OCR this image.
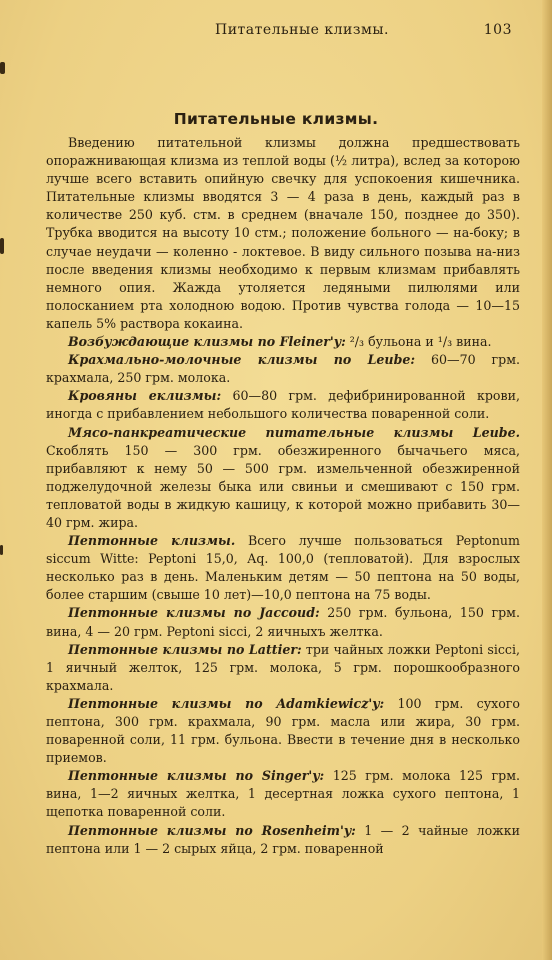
Питательные клизмы.	103
Питательные клизмы.

Введению питательной клизмы должна предшествовать опоражнивающая клизма из теплой воды (½ литра), вслед за которою лучше всего вставить опийную свечку для успокоения кишечника. Питательные клизмы вводятся 3 — 4 раза в день, каждый раз в количестве 250 куб. стм. в среднем (вначале 150, позднее до 350). Трубка вводится на высоту 10 стм.; положение больного — на-боку; в случае неудачи — коленно - локтевое. В виду сильного позыва на-низ после введения клизмы необходимо к первым клизмам прибавлять немного опия. Жажда утоляется ледяными пилюлями или полосканием рта холодною водою. Против чувства голода — 10—15 капель 5% раствора кокаина.

Возбуждающие клизмы по Fleiner'y: ²/₃ бульона и ¹/₃ вина.

Крахмально-молочные клизмы по Leube: 60—70 грм. крахмала, 250 грм. молока.

Кровяны еклизмы: 60—80 грм. дефибринированной крови, иногда с прибавлением небольшого количества поваренной соли.

Мясо-панкреатические питательные клизмы Leube. Скоблять 150 — 300 грм. обезжиренного бычачьего мяса, прибавляют к нему 50 — 500 грм. измельченной обезжиренной поджелудочной железы быка или свиньи и смешивают с 150 грм. тепловатой воды в жидкую кашицу, к которой можно прибавить 30—40 грм. жира.

Пептонные клизмы. Всего лучше пользоваться Peptonum siccum Witte: Peptoni 15,0, Aq. 100,0 (тепловатой). Для взрослых несколько раз в день. Маленьким детям — 50 пептона на 50 воды, более старшим (свыше 10 лет)—10,0 пептона на 75 воды.

Пептонные клизмы по Jaccoud: 250 грм. бульона, 150 грм. вина, 4 — 20 грм. Peptoni sicci, 2 яичныхъ желтка.

Пептонные клизмы по Lattier: три чайных ложки Peptoni sicci, 1 яичный желток, 125 грм. молока, 5 грм. порошкообразного крахмала.

Пептонные клизмы по Adamkiewicz'y: 100 грм. сухого пептона, 300 грм. крахмала, 90 грм. масла или жира, 30 грм. поваренной соли, 11 грм. бульона. Ввести в течение дня в несколько приемов.

Пептонные клизмы по Singer'y: 125 грм. молока 125 грм. вина, 1—2 яичных желтка, 1 десертная ложка сухого пептона, 1 щепотка поваренной соли.

Пептонные клизмы по Rosenheim'y: 1 — 2 чайные ложки пептона или 1 — 2 сырых яйца, 2 грм. поваренной
